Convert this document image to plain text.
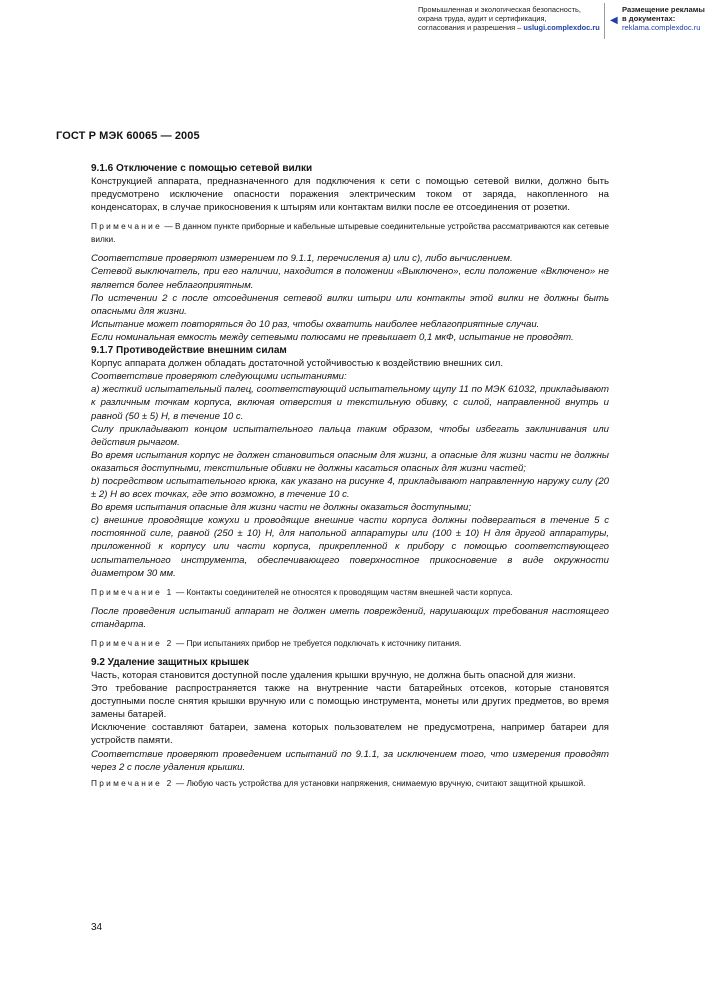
Промышленная и экологическая безопасность,
охрана труда, аудит и сертификация,
согласования и разрешения – uslugi.complexdoc.ru
◀
Размещение рекламы
в документах:
reklama.complexdoc.ru
ГОСТ Р МЭК 60065 — 2005

9.1.6 Отключение с помощью сетевой вилки

Конструкцией аппарата, предназначенного для подключения к сети с помощью сетевой вилки, должно быть предусмотрено исключение опасности поражения электрическим током от заряда, накопленного на конденсаторах, в случае прикосновения к штырям или контактам вилки после ее отсоединения от розетки.

Примечание — В данном пункте приборные и кабельные штыревые соединительные устройства рассматриваются как сетевые вилки.

Соответствие проверяют измерением по 9.1.1, перечисления а) или с), либо вычислением.

Сетевой выключатель, при его наличии, находится в положении «Выключено», если положение «Включено» не является более неблагоприятным.

По истечении 2 с после отсоединения сетевой вилки штыри или контакты этой вилки не должны быть опасными для жизни.

Испытание может повторяться до 10 раз, чтобы охватить наиболее неблагоприятные случаи.

Если номинальная емкость между сетевыми полюсами не превышает 0,1 мкФ, испытание не проводят.

9.1.7 Противодействие внешним силам

Корпус аппарата должен обладать достаточной устойчивостью к воздействию внешних сил.

Соответствие проверяют следующими испытаниями:

а) жесткий испытательный палец, соответствующий испытательному щупу 11 по МЭК 61032, прикладывают к различным точкам корпуса, включая отверстия и текстильную обивку, с силой, направленной внутрь и равной (50 ± 5) Н, в течение 10 с.

Силу прикладывают концом испытательного пальца таким образом, чтобы избегать заклинивания или действия рычагом.

Во время испытания корпус не должен становиться опасным для жизни, а опасные для жизни части не должны оказаться доступными, текстильные обивки не должны касаться опасных для жизни частей;

b) посредством испытательного крюка, как указано на рисунке 4, прикладывают направленную наружу силу (20 ± 2) Н во всех точках, где это возможно, в течение 10 с.

Во время испытания опасные для жизни части не должны оказаться доступными;

с) внешние проводящие кожухи и проводящие внешние части корпуса должны подвергаться в течение 5 с постоянной силе, равной (250 ± 10) Н, для напольной аппаратуры или (100 ± 10) Н для другой аппаратуры, приложенной к корпусу или части корпуса, прикрепленной к прибору с помощью соответствующего испытательного инструмента, обеспечивающего поверхностное прикосновение в виде окружности диаметром 30 мм.

Примечание 1 — Контакты соединителей не относятся к проводящим частям внешней части корпуса.

После проведения испытаний аппарат не должен иметь повреждений, нарушающих требования настоящего стандарта.

Примечание 2 — При испытаниях прибор не требуется подключать к источнику питания.

9.2 Удаление защитных крышек

Часть, которая становится доступной после удаления крышки вручную, не должна быть опасной для жизни.

Это требование распространяется также на внутренние части батарейных отсеков, которые становятся доступными после снятия крышки вручную или с помощью инструмента, монеты или других предметов, во время замены батарей.

Исключение составляют батареи, замена которых пользователем не предусмотрена, например батареи для устройств памяти.

Соответствие проверяют проведением испытаний по 9.1.1, за исключением того, что измерения проводят через 2 с после удаления крышки.

Примечание 2 — Любую часть устройства для установки напряжения, снимаемую вручную, считают защитной крышкой.

34
